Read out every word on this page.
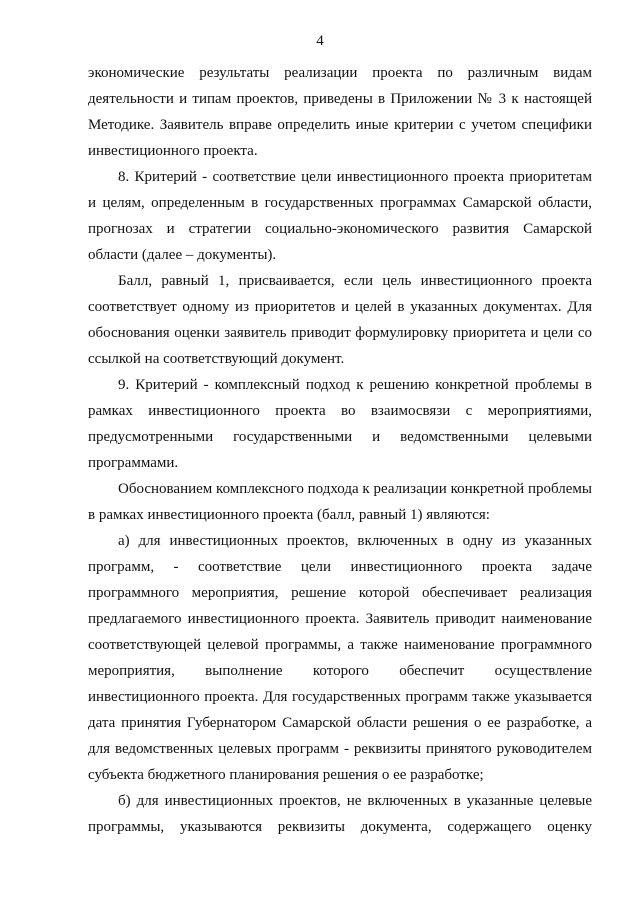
4

экономические результаты реализации проекта по различным видам деятельности и типам проектов, приведены в Приложении № 3 к настоящей Методике. Заявитель вправе определить иные критерии с учетом специфики инвестиционного проекта.

8. Критерий - соответствие цели инвестиционного проекта приоритетам и целям, определенным в государственных программах Самарской области, прогнозах и стратегии социально-экономического развития Самарской области (далее – документы).

Балл, равный 1, присваивается, если цель инвестиционного проекта соответствует одному из приоритетов и целей в указанных документах. Для обоснования оценки заявитель приводит формулировку приоритета и цели со ссылкой на соответствующий документ.

9. Критерий - комплексный подход к решению конкретной проблемы в рамках инвестиционного проекта во взаимосвязи с мероприятиями, предусмотренными государственными и ведомственными целевыми программами.

Обоснованием комплексного подхода к реализации конкретной проблемы в рамках инвестиционного проекта (балл, равный 1) являются:

а) для инвестиционных проектов, включенных в одну из указанных программ, - соответствие цели инвестиционного проекта задаче программного мероприятия, решение которой обеспечивает реализация предлагаемого инвестиционного проекта. Заявитель приводит наименование соответствующей целевой программы, а также наименование программного мероприятия, выполнение которого обеспечит осуществление инвестиционного проекта. Для государственных программ также указывается дата принятия Губернатором Самарской области решения о ее разработке, а для ведомственных целевых программ - реквизиты принятого руководителем субъекта бюджетного планирования решения о ее разработке;

б) для инвестиционных проектов, не включенных в указанные целевые программы, указываются реквизиты документа, содержащего оценку
